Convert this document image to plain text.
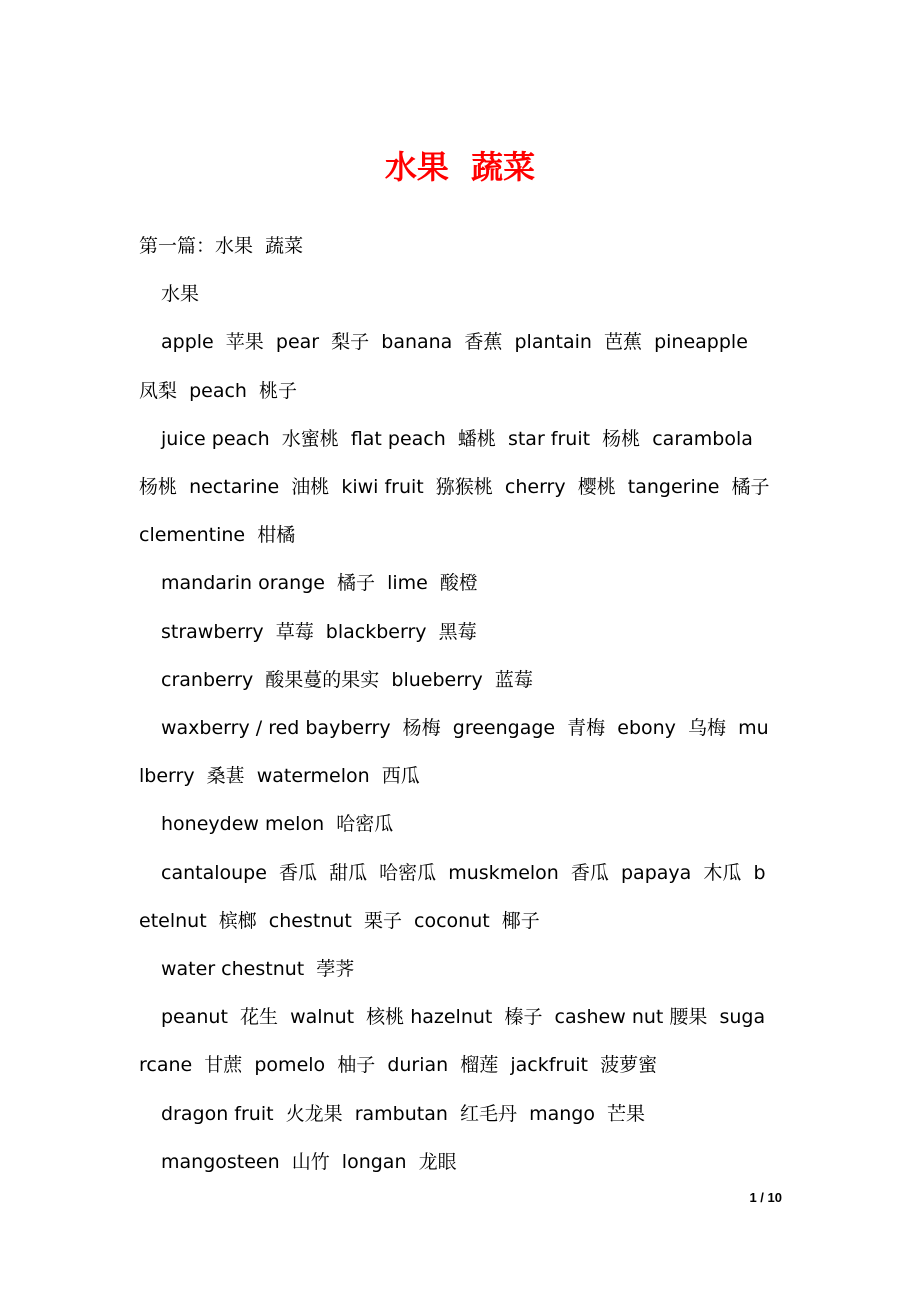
水果  蔬菜

第一篇：水果  蔬菜

水果

apple  苹果  pear  梨子  banana  香蕉  plantain  芭蕉  pineapple  凤梨  peach  桃子

juice peach  水蜜桃  flat peach  蟠桃  star fruit  杨桃  carambola  杨桃  nectarine  油桃  kiwi fruit  猕猴桃  cherry  樱桃  tangerine  橘子  clementine  柑橘

mandarin orange  橘子  lime  酸橙

strawberry  草莓  blackberry  黑莓

cranberry  酸果蔓的果实  blueberry  蓝莓

waxberry / red bayberry  杨梅  greengage  青梅  ebony  乌梅  mulberry  桑葚  watermelon  西瓜

honeydew melon  哈密瓜

cantaloupe  香瓜  甜瓜  哈密瓜  muskmelon  香瓜  papaya  木瓜  betelnut  槟榔  chestnut  栗子  coconut  椰子

water chestnut  荸荠

peanut  花生  walnut  核桃 hazelnut  榛子  cashew nut 腰果  sugarcane  甘蔗  pomelo  柚子  durian  榴莲  jackfruit  菠萝蜜

dragon fruit  火龙果  rambutan  红毛丹  mango  芒果

mangosteen  山竹  longan  龙眼

1 / 10
